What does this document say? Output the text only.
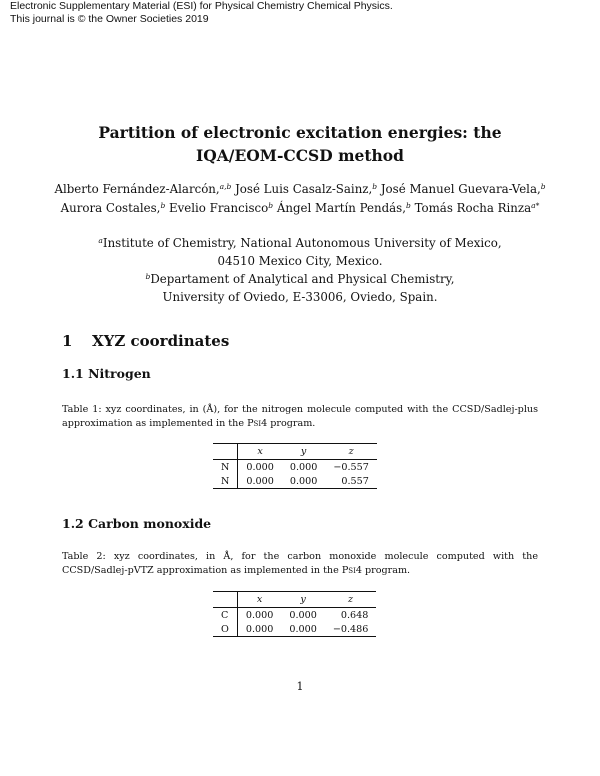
Electronic Supplementary Material (ESI) for Physical Chemistry Chemical Physics.
This journal is © the Owner Societies 2019
Partition of electronic excitation energies: the
IQA/EOM-CCSD method
Alberto Fernández-Alarcón,$^{a,b}$ José Luis Casalz-Sainz,$^b$ José Manuel Guevara-Vela,$^b$
Aurora Costales,$^b$ Evelio Francisco$^b$ Ángel Martín Pendás,$^b$ Tomás Rocha Rinza$^{a*}$
$^a$Institute of Chemistry, National Autonomous University of Mexico,
04510 Mexico City, Mexico.
$^b$Departament of Analytical and Physical Chemistry,
University of Oviedo, E-33006, Oviedo, Spain.
1 XYZ coordinates
1.1 Nitrogen
Table 1: xyz coordinates, in (Å), for the nitrogen molecule computed with the CCSD/Sadlej-plus approximation as implemented in the Psi4 program.
	x	y	z
N	0.000	0.000	−0.557
N	0.000	0.000	0.557
1.2 Carbon monoxide
Table 2: xyz coordinates, in Å, for the carbon monoxide molecule computed with the CCSD/Sadlej-pVTZ approximation as implemented in the Psi4 program.
	x	y	z
C	0.000	0.000	0.648
O	0.000	0.000	−0.486
1
